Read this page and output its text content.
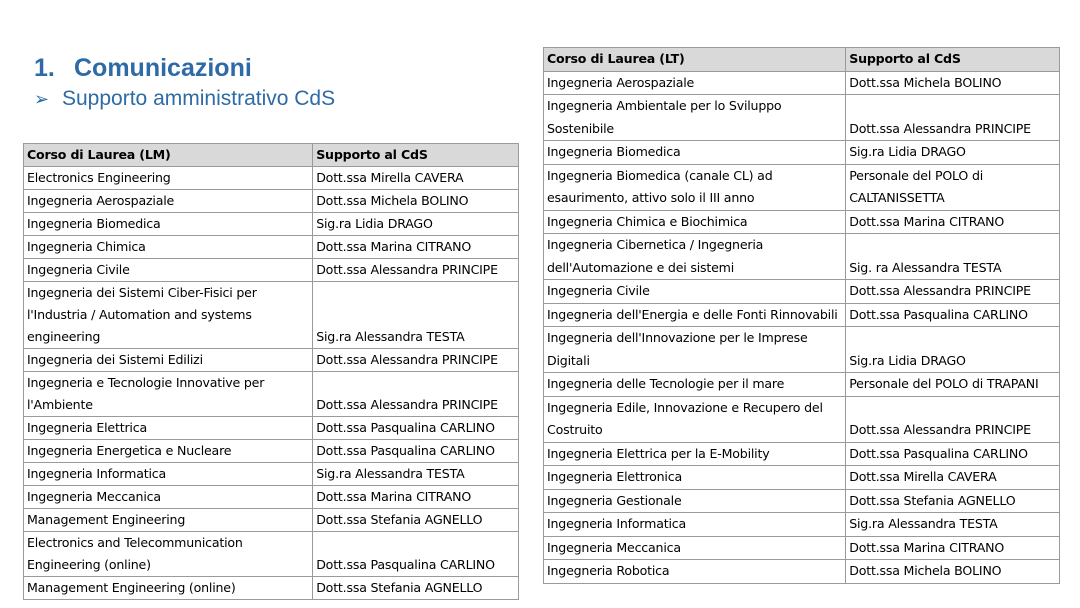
1. Comunicazioni
➢ Supporto amministrativo CdS
Corso di Laurea (LM)	Supporto al CdS
Electronics Engineering	Dott.ssa Mirella CAVERA
Ingegneria Aerospaziale	Dott.ssa Michela BOLINO
Ingegneria Biomedica	Sig.ra Lidia DRAGO
Ingegneria Chimica	Dott.ssa Marina CITRANO
Ingegneria Civile	Dott.ssa Alessandra PRINCIPE
Ingegneria dei Sistemi Ciber-Fisici per l'Industria / Automation and systems engineering	Sig.ra Alessandra TESTA
Ingegneria dei Sistemi Edilizi	Dott.ssa Alessandra PRINCIPE
Ingegneria e Tecnologie Innovative per l'Ambiente	Dott.ssa Alessandra PRINCIPE
Ingegneria Elettrica	Dott.ssa Pasqualina CARLINO
Ingegneria Energetica e Nucleare	Dott.ssa Pasqualina CARLINO
Ingegneria Informatica	Sig.ra Alessandra TESTA
Ingegneria Meccanica	Dott.ssa Marina CITRANO
Management Engineering	Dott.ssa Stefania AGNELLO
Electronics and Telecommunication Engineering (online)	Dott.ssa Pasqualina CARLINO
Management Engineering (online)	Dott.ssa Stefania AGNELLO
Corso di Laurea (LT)	Supporto al CdS
Ingegneria Aerospaziale	Dott.ssa Michela BOLINO
Ingegneria Ambientale per lo Sviluppo Sostenibile	Dott.ssa Alessandra PRINCIPE
Ingegneria Biomedica	Sig.ra Lidia DRAGO
Ingegneria Biomedica (canale CL) ad esaurimento, attivo solo il III anno	Personale del POLO di CALTANISSETTA
Ingegneria Chimica e Biochimica	Dott.ssa Marina CITRANO
Ingegneria Cibernetica / Ingegneria dell'Automazione e dei sistemi	Sig. ra Alessandra TESTA
Ingegneria Civile	Dott.ssa Alessandra PRINCIPE
Ingegneria dell'Energia e delle Fonti Rinnovabili	Dott.ssa Pasqualina CARLINO
Ingegneria dell'Innovazione per le Imprese Digitali	Sig.ra Lidia DRAGO
Ingegneria delle Tecnologie per il mare	Personale del POLO di TRAPANI
Ingegneria Edile, Innovazione e Recupero del Costruito	Dott.ssa Alessandra PRINCIPE
Ingegneria Elettrica per la E-Mobility	Dott.ssa Pasqualina CARLINO
Ingegneria Elettronica	Dott.ssa Mirella CAVERA
Ingegneria Gestionale	Dott.ssa Stefania AGNELLO
Ingegneria Informatica	Sig.ra Alessandra TESTA
Ingegneria Meccanica	Dott.ssa Marina CITRANO
Ingegneria Robotica	Dott.ssa Michela BOLINO
